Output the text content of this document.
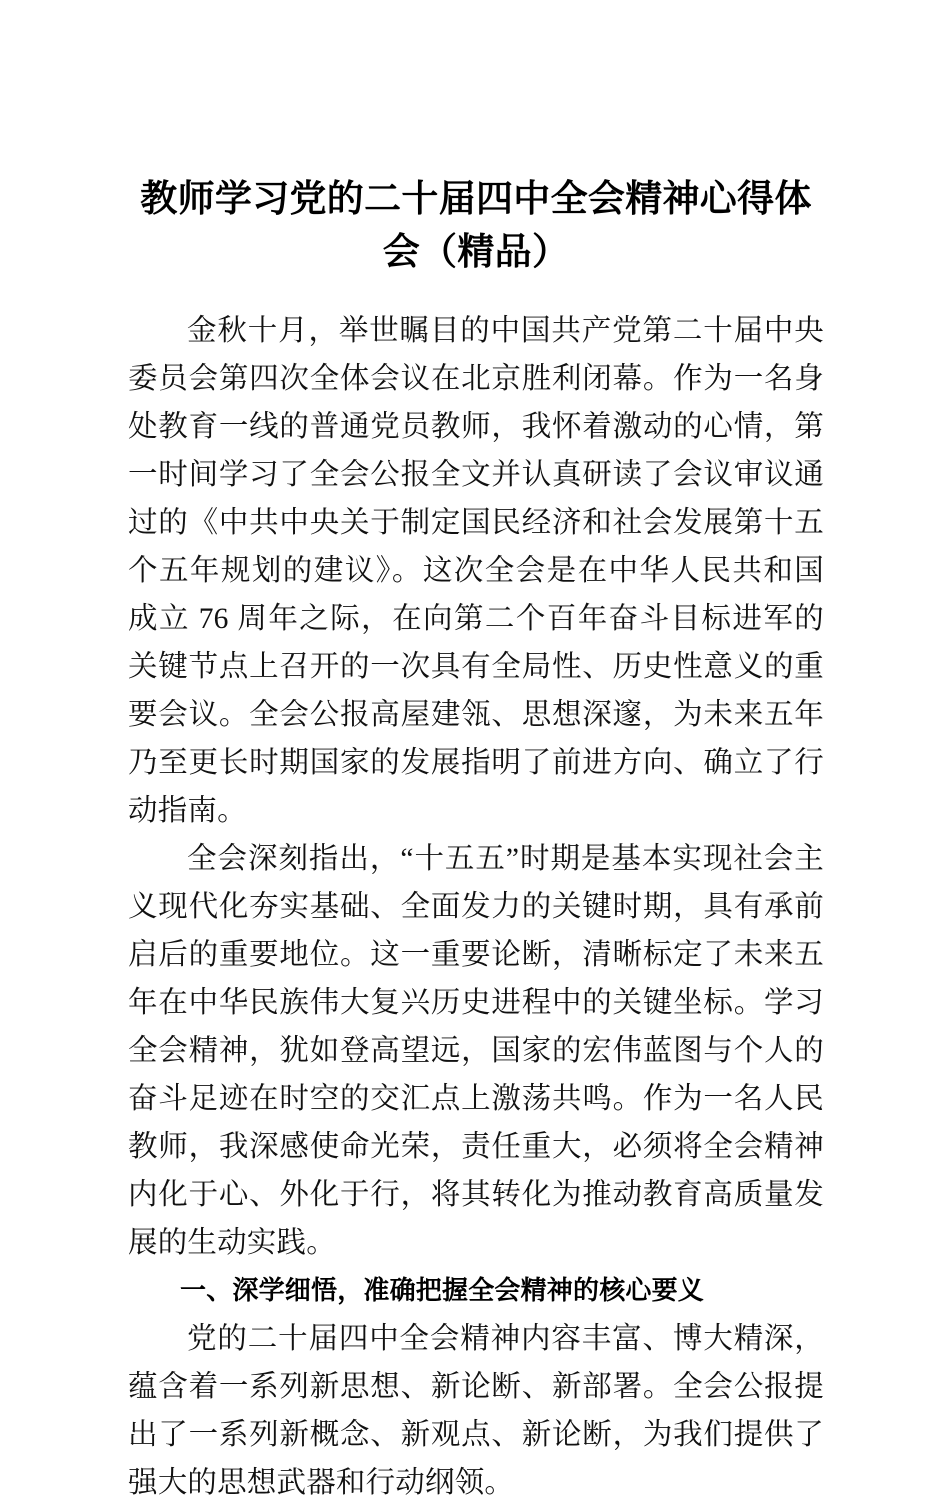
教师学习党的二十届四中全会精神心得体会（精品）

金秋十月，举世瞩目的中国共产党第二十届中央委员会第四次全体会议在北京胜利闭幕。作为一名身处教育一线的普通党员教师，我怀着激动的心情，第一时间学习了全会公报全文并认真研读了会议审议通过的《中共中央关于制定国民经济和社会发展第十五个五年规划的建议》。这次全会是在中华人民共和国成立 76 周年之际，在向第二个百年奋斗目标进军的关键节点上召开的一次具有全局性、历史性意义的重要会议。全会公报高屋建瓴、思想深邃，为未来五年乃至更长时期国家的发展指明了前进方向、确立了行动指南。

全会深刻指出，“十五五”时期是基本实现社会主义现代化夯实基础、全面发力的关键时期，具有承前启后的重要地位。这一重要论断，清晰标定了未来五年在中华民族伟大复兴历史进程中的关键坐标。学习全会精神，犹如登高望远，国家的宏伟蓝图与个人的奋斗足迹在时空的交汇点上激荡共鸣。作为一名人民教师，我深感使命光荣，责任重大，必须将全会精神内化于心、外化于行，将其转化为推动教育高质量发展的生动实践。

一、深学细悟，准确把握全会精神的核心要义

党的二十届四中全会精神内容丰富、博大精深，蕴含着一系列新思想、新论断、新部署。全会公报提出了一系列新概念、新观点、新论断，为我们提供了强大的思想武器和行动纲领。
